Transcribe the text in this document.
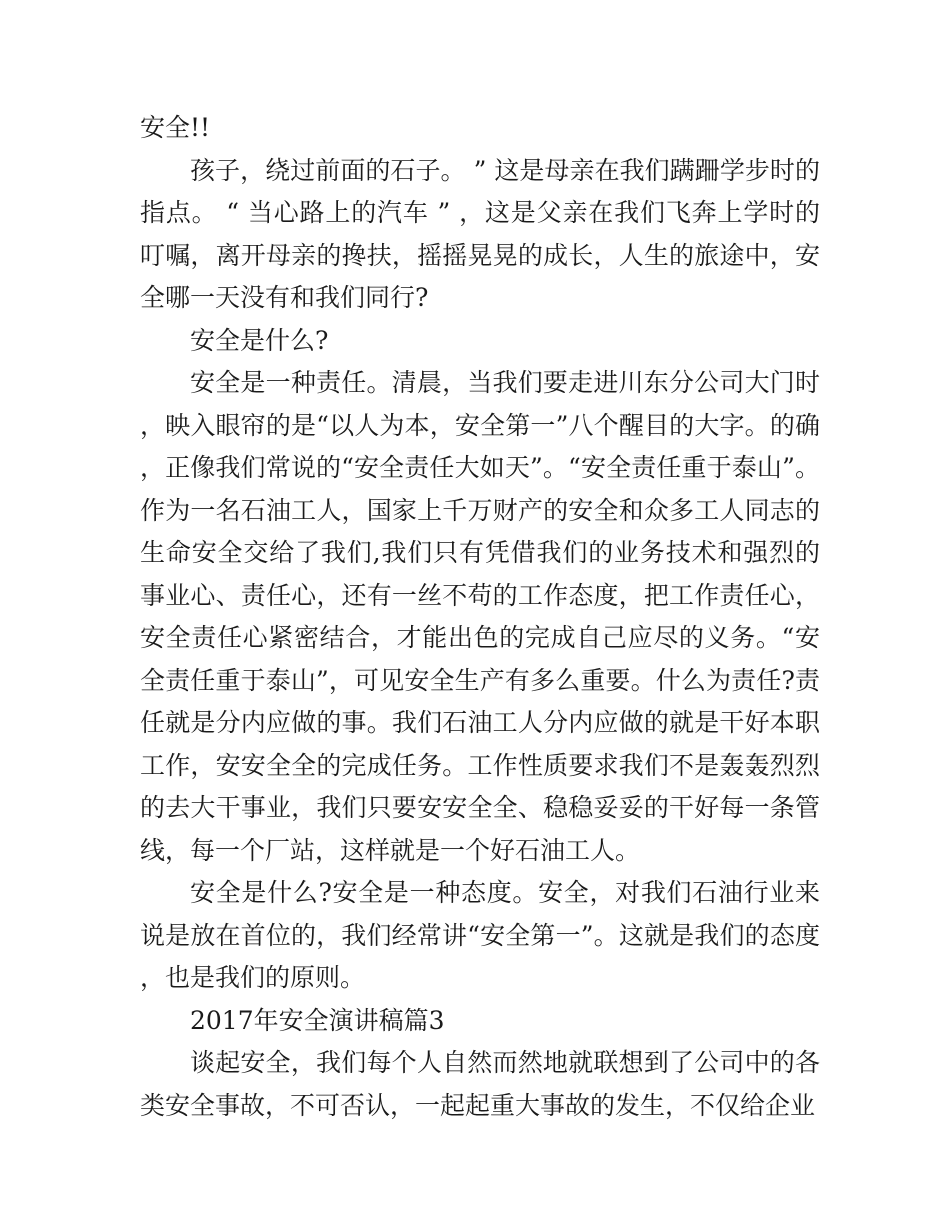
安全!!

孩子，绕过前面的石子。 ” 这是母亲在我们蹒跚学步时的指点。 “ 当心路上的汽车 ” ，这是父亲在我们飞奔上学时的叮嘱，离开母亲的搀扶，摇摇晃晃的成长，人生的旅途中，安全哪一天没有和我们同行?

安全是什么?

安全是一种责任。清晨，当我们要走进川东分公司大门时，映入眼帘的是“以人为本，安全第一”八个醒目的大字。的确，正像我们常说的“安全责任大如天”。“安全责任重于泰山”。作为一名石油工人，国家上千万财产的安全和众多工人同志的生命安全交给了我们,我们只有凭借我们的业务技术和强烈的事业心、责任心，还有一丝不苟的工作态度，把工作责任心，安全责任心紧密结合，才能出色的完成自己应尽的义务。“安全责任重于泰山”，可见安全生产有多么重要。什么为责任?责任就是分内应做的事。我们石油工人分内应做的就是干好本职工作，安安全全的完成任务。工作性质要求我们不是轰轰烈烈的去大干事业，我们只要安安全全、稳稳妥妥的干好每一条管线，每一个厂站，这样就是一个好石油工人。

安全是什么?安全是一种态度。安全，对我们石油行业来说是放在首位的，我们经常讲“安全第一”。这就是我们的态度，也是我们的原则。

2017年安全演讲稿篇3

谈起安全，我们每个人自然而然地就联想到了公司中的各类安全事故，不可否认，一起起重大事故的发生，不仅给企业
